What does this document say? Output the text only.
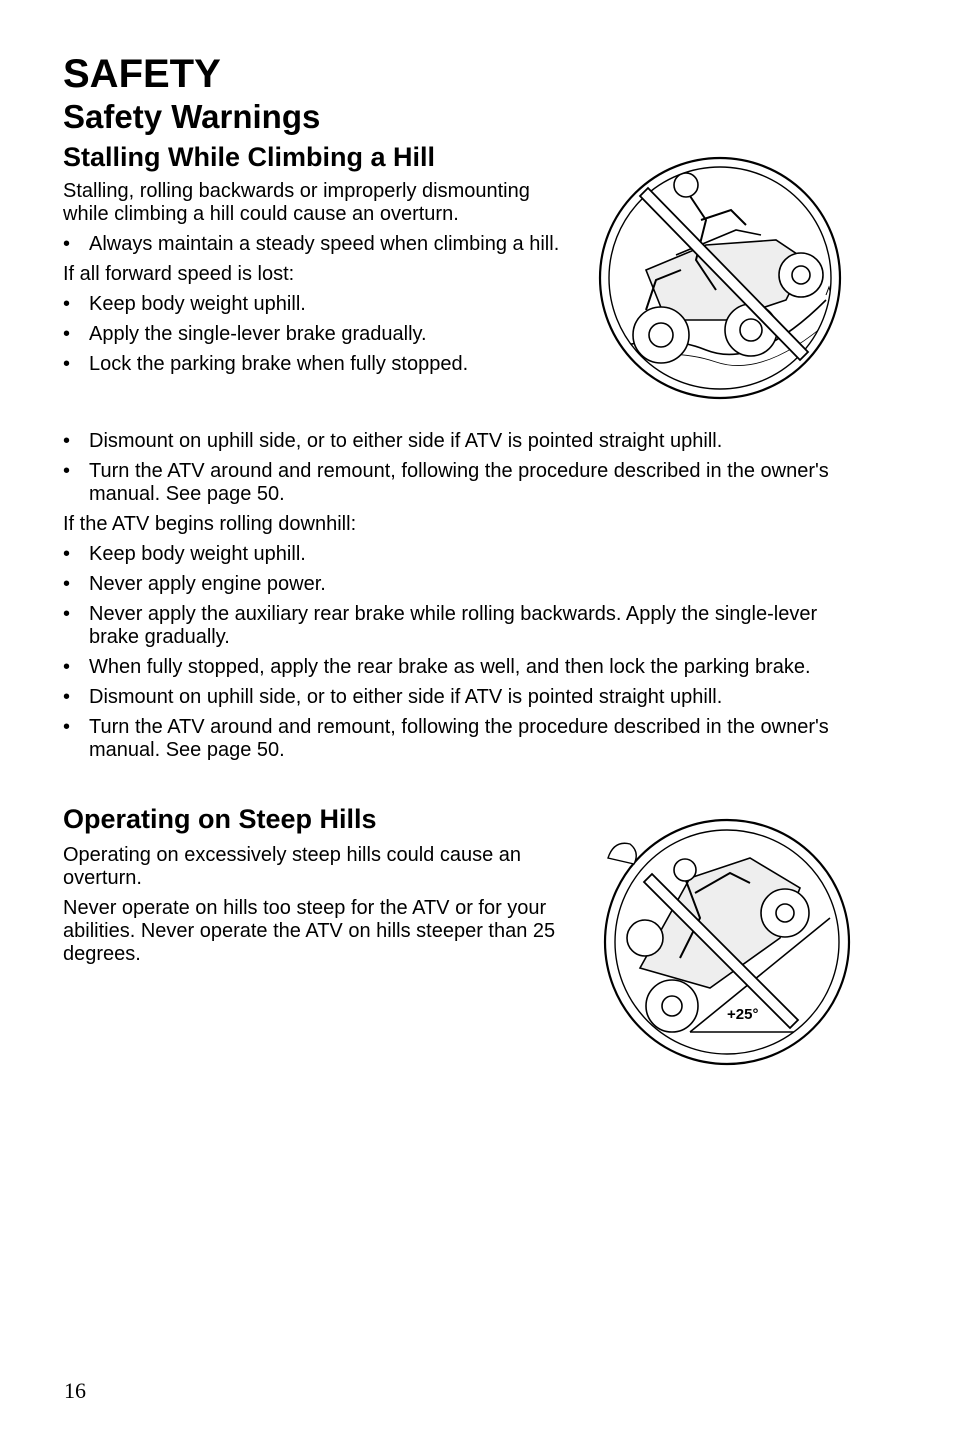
SAFETY
Safety Warnings
Stalling While Climbing a Hill

Stalling, rolling backwards or improperly dismounting while climbing a hill could cause an overturn.

• Always maintain a steady speed when climbing a hill.

If all forward speed is lost:

• Keep body weight uphill.
• Apply the single-lever brake gradually.
• Lock the parking brake when fully stopped.
• Dismount on uphill side, or to either side if ATV is pointed straight uphill.
• Turn the ATV around and remount, following the procedure described in the owner's manual. See page 50.

If the ATV begins rolling downhill:

• Keep body weight uphill.
• Never apply engine power.
• Never apply the auxiliary rear brake while rolling backwards. Apply the single-lever brake gradually.
• When fully stopped, apply the rear brake as well, and then lock the parking brake.
• Dismount on uphill side, or to either side if ATV is pointed straight uphill.
• Turn the ATV around and remount, following the procedure described in the owner's manual. See page 50.
Operating on Steep Hills

Operating on excessively steep hills could cause an overturn.

Never operate on hills too steep for the ATV or for your abilities. Never operate the ATV on hills steeper than 25 degrees.

+25°
16
